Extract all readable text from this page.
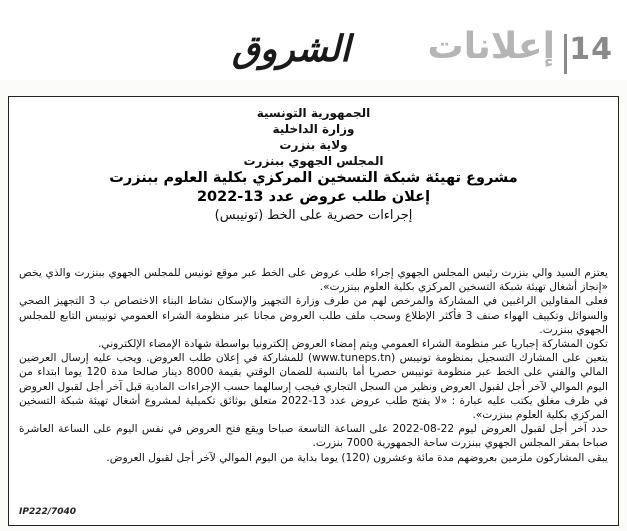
14
إعلانات
الشروق
الجمهورية التونسية
وزارة الداخلية
ولاية بنزرت
المجلس الجهوي ببنزرت
مشروع تهيئة شبكة التسخين المركزي بكلية العلوم ببنزرت
إعلان طلب عروض عدد 13-2022
إجراءات حصرية على الخط (تونيبس)

يعتزم السيد والي بنزرت رئيس المجلس الجهوي إجراء طلب عروض على الخط عبر موقع تونيس للمجلس الجهوي ببنزرت والذي يخص «إنجاز أشغال تهيئة شبكة التسخين المركزي بكلية العلوم ببنزرت».

فعلى المقاولين الراغبين في المشاركة والمرخص لهم من طرف وزارة التجهيز والإسكان نشاط البناء الاختصاص ب 3 التجهيز الصحي والسوائل وتكييف الهواء صنف 3 فأكثر الإطلاع وسحب ملف طلب العروض مجانا عبر منظومة الشراء العمومي تونيبس التابع للمجلس الجهوي ببنزرت.

تكون المشاركة إجباريا عبر منظومة الشراء العمومي ويتم إمضاء العروض إلكترونيا بواسطة شهادة الإمضاء الإلكتروني.

يتعين على المشارك التسجيل بمنظومة تونيبس (www.tuneps.tn) للمشاركة في إعلان طلب العروض. ويجب عليه إرسال العرضين المالي والفني على الخط عبر منظومة تونيبس حصريا أما بالنسبة للضمان الوقتي بقيمة 8000 دينار صالحا مدة 120 يوما ابتداء من اليوم الموالي لآخر أجل لقبول العروض ونظير من السجل التجاري فيجب إرسالهما حسب الإجراءات المادية قبل آخر أجل لقبول العروض في ظرف مغلق يكتب عليه عبارة : «لا يفتح طلب عروض عدد 13-2022 متعلق بوثائق تكميلية لمشروع أشغال تهيئة شبكة التسخين المركزي بكلية العلوم ببنزرت».

حدد آخر أجل لقبول العروض ليوم 22-08-2022 على الساعة التاسعة صباحا ويقع فتح العروض في نفس اليوم على الساعة العاشرة صباحا بمقر المجلس الجهوي ببنزرت ساحة الجمهورية 7000 بنزرت.

يبقى المشاركون ملزمين بعروضهم مدة مائة وعشرون (120) يوما بداية من اليوم الموالي لآخر أجل لقبول العروض.

IP222/7040
